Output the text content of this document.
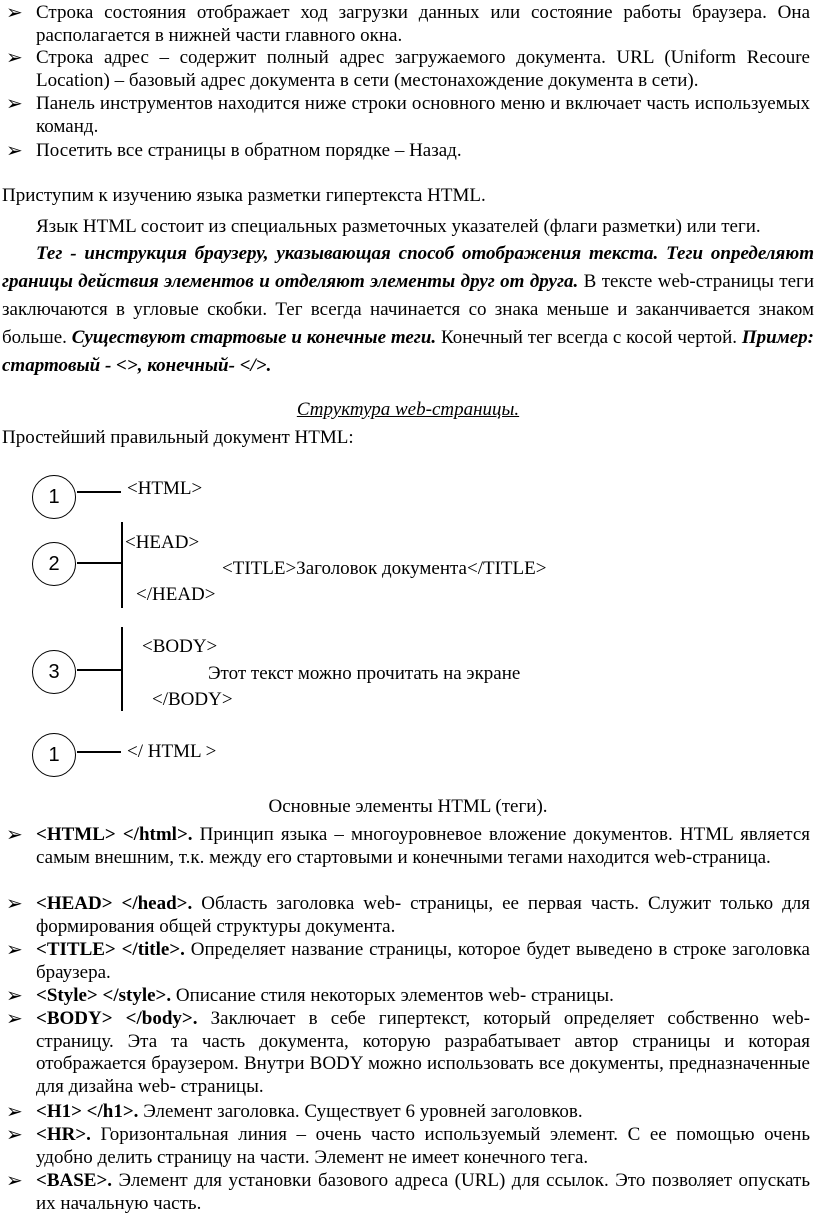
➢ Строка состояния отображает ход загрузки данных или состояние работы браузера. Она располагается в нижней части главного окна.
➢ Строка адрес – содержит полный адрес загружаемого документа. URL (Uniform Recoure Location) – базовый адрес документа в сети (местонахождение документа в сети).
➢ Панель инструментов находится ниже строки основного меню и включает часть используемых команд.
➢ Посетить все страницы в обратном порядке – Назад.
Приступим к изучению языка разметки гипертекста HTML.
Язык HTML состоит из специальных разметочных указателей (флаги разметки) или теги.
Тег - инструкция браузеру, указывающая способ отображения текста. Теги определяют границы действия элементов и отделяют элементы друг от друга. В тексте web-страницы теги заключаются в угловые скобки. Тег всегда начинается со знака меньше и заканчивается знаком больше. Существуют стартовые и конечные теги. Конечный тег всегда с косой чертой. Пример: стартовый - <>, конечный- </>.
Структура web-страницы.
Простейший правильный документ HTML:
1	<HTML>
2
<HEAD>
<TITLE>Заголовок документа</TITLE>
</HEAD>
3
<BODY>
Этот текст можно прочитать на экране
</BODY>
1	</ HTML >
Основные элементы HTML (теги).
➢ <HTML> </html>. Принцип языка – многоуровневое вложение документов. HTML является самым внешним, т.к. между его стартовыми и конечными тегами находится web-страница.
➢ <HEAD> </head>. Область заголовка web- страницы, ее первая часть. Служит только для формирования общей структуры документа.
➢ <TITLE> </title>. Определяет название страницы, которое будет выведено в строке заголовка браузера.
➢ <Style> </style>. Описание стиля некоторых элементов web- страницы.
➢ <BODY> </body>. Заключает в себе гипертекст, который определяет собственно web-страницу. Эта та часть документа, которую разрабатывает автор страницы и которая отображается браузером. Внутри BODY можно использовать все документы, предназначенные для дизайна web- страницы.
➢ <H1> </h1>. Элемент заголовка. Существует 6 уровней заголовков.
➢ <HR>. Горизонтальная линия – очень часто используемый элемент. С ее помощью очень удобно делить страницу на части. Элемент не имеет конечного тега.
➢ <BASE>. Элемент для установки базового адреса (URL) для ссылок. Это позволяет опускать их начальную часть.
